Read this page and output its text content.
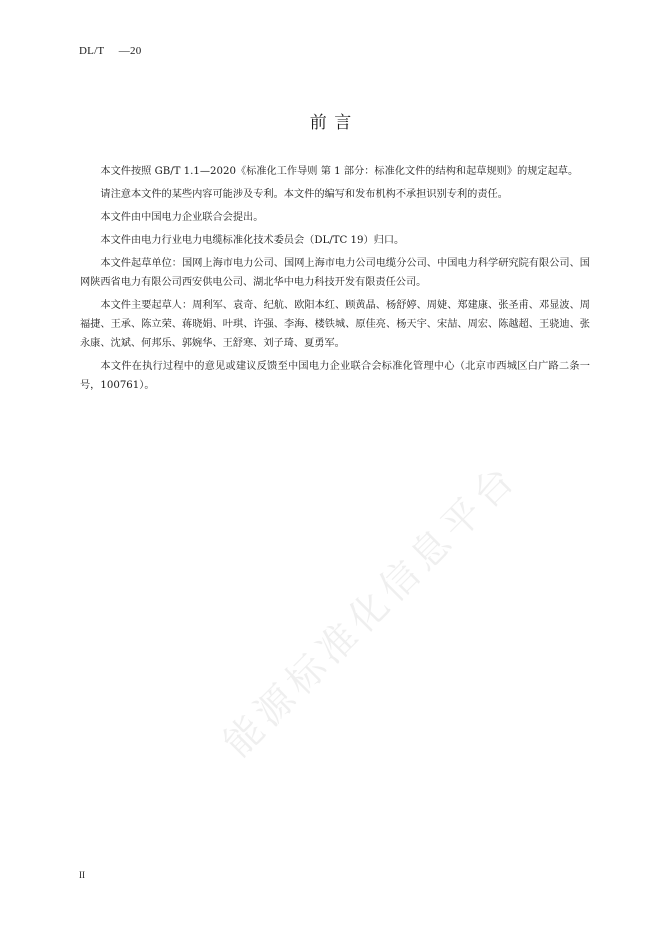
DL/T     —20
前 言

本文件按照 GB/T 1.1—2020《标准化工作导则 第 1 部分：标准化文件的结构和起草规则》的规定起草。

请注意本文件的某些内容可能涉及专利。本文件的编写和发布机构不承担识别专利的责任。

本文件由中国电力企业联合会提出。

本文件由电力行业电力电缆标准化技术委员会（DL/TC 19）归口。

本文件起草单位：国网上海市电力公司、国网上海市电力公司电缆分公司、中国电力科学研究院有限公司、国网陕西省电力有限公司西安供电公司、湖北华中电力科技开发有限责任公司。

本文件主要起草人：周利军、袁奇、纪航、欧阳本红、顾黄晶、杨舒婷、周婕、郑建康、张圣甫、邓显波、周福捷、王承、陈立荣、蒋晓娟、叶琪、许强、李海、楼铁城、原佳亮、杨天宇、宋喆、周宏、陈越超、王骁迪、张永康、沈斌、何邦乐、郭婉华、王舒寒、刘子琦、夏勇军。

本文件在执行过程中的意见或建议反馈至中国电力企业联合会标准化管理中心（北京市西城区白广路二条一号，100761）。

能源标准化信息平台
II
